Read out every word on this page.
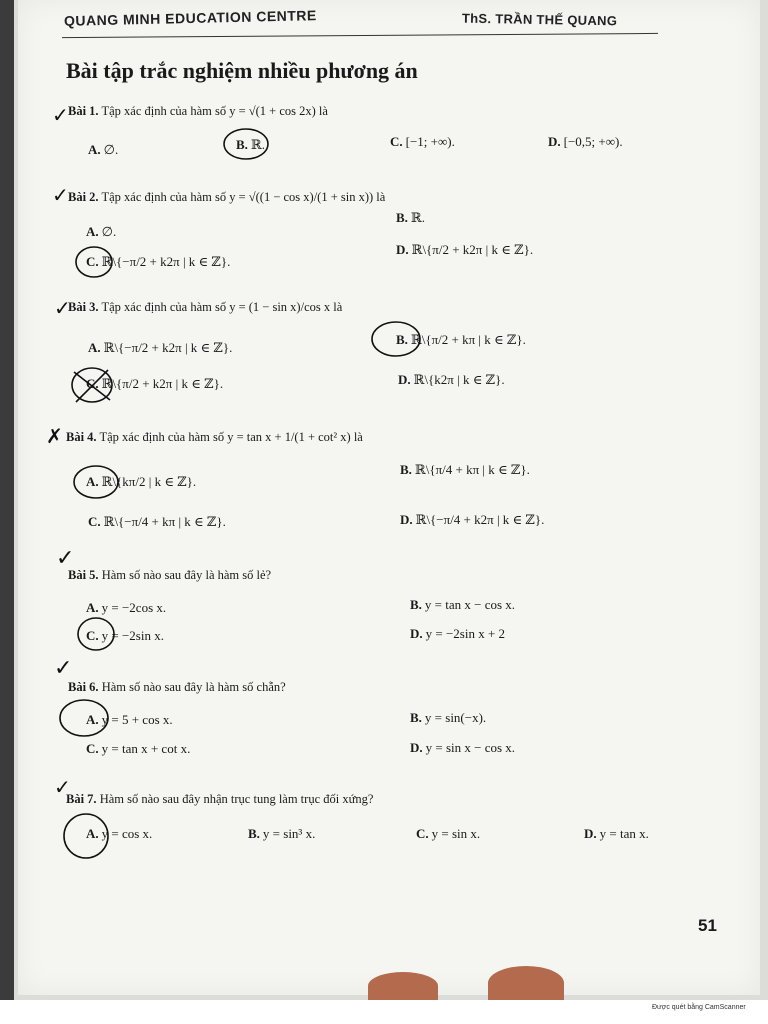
QUANG MINH EDUCATION CENTRE	ThS. TRẦN THẾ QUANG
Bài tập trắc nghiệm nhiều phương án
✓
✓
✓
✗
✓
✓
✓
Bài 1. Tập xác định của hàm số y = √(1 + cos 2x) là
A. ∅.	B. ℝ.	C. [−1; +∞).	D. [−0,5; +∞).
Bài 2. Tập xác định của hàm số y = √((1 − cos x)/(1 + sin x)) là
A. ∅.
B. ℝ.
C. ℝ\{−π/2 + k2π | k ∈ ℤ}.
D. ℝ\{π/2 + k2π | k ∈ ℤ}.
Bài 3. Tập xác định của hàm số y = (1 − sin x)/cos x là
A. ℝ\{−π/2 + k2π | k ∈ ℤ}.
B. ℝ\{π/2 + kπ | k ∈ ℤ}.
C. ℝ\{π/2 + k2π | k ∈ ℤ}.	D. ℝ\{k2π | k ∈ ℤ}.
Bài 4. Tập xác định của hàm số y = tan x + 1/(1 + cot² x) là
A. ℝ\{kπ/2 | k ∈ ℤ}.
B. ℝ\{π/4 + kπ | k ∈ ℤ}.
C. ℝ\{−π/4 + kπ | k ∈ ℤ}.	D. ℝ\{−π/4 + k2π | k ∈ ℤ}.
Bài 5. Hàm số nào sau đây là hàm số lẻ?
A. y = −2cos x.	B. y = tan x − cos x.
C. y = −2sin x.	D. y = −2sin x + 2
Bài 6. Hàm số nào sau đây là hàm số chẵn?
A. y = 5 + cos x.	B. y = sin(−x).
C. y = tan x + cot x.	D. y = sin x − cos x.
Bài 7. Hàm số nào sau đây nhận trục tung làm trục đối xứng?
A. y = cos x.	B. y = sin³ x.	C. y = sin x.	D. y = tan x.
51
Được quét bằng CamScanner
